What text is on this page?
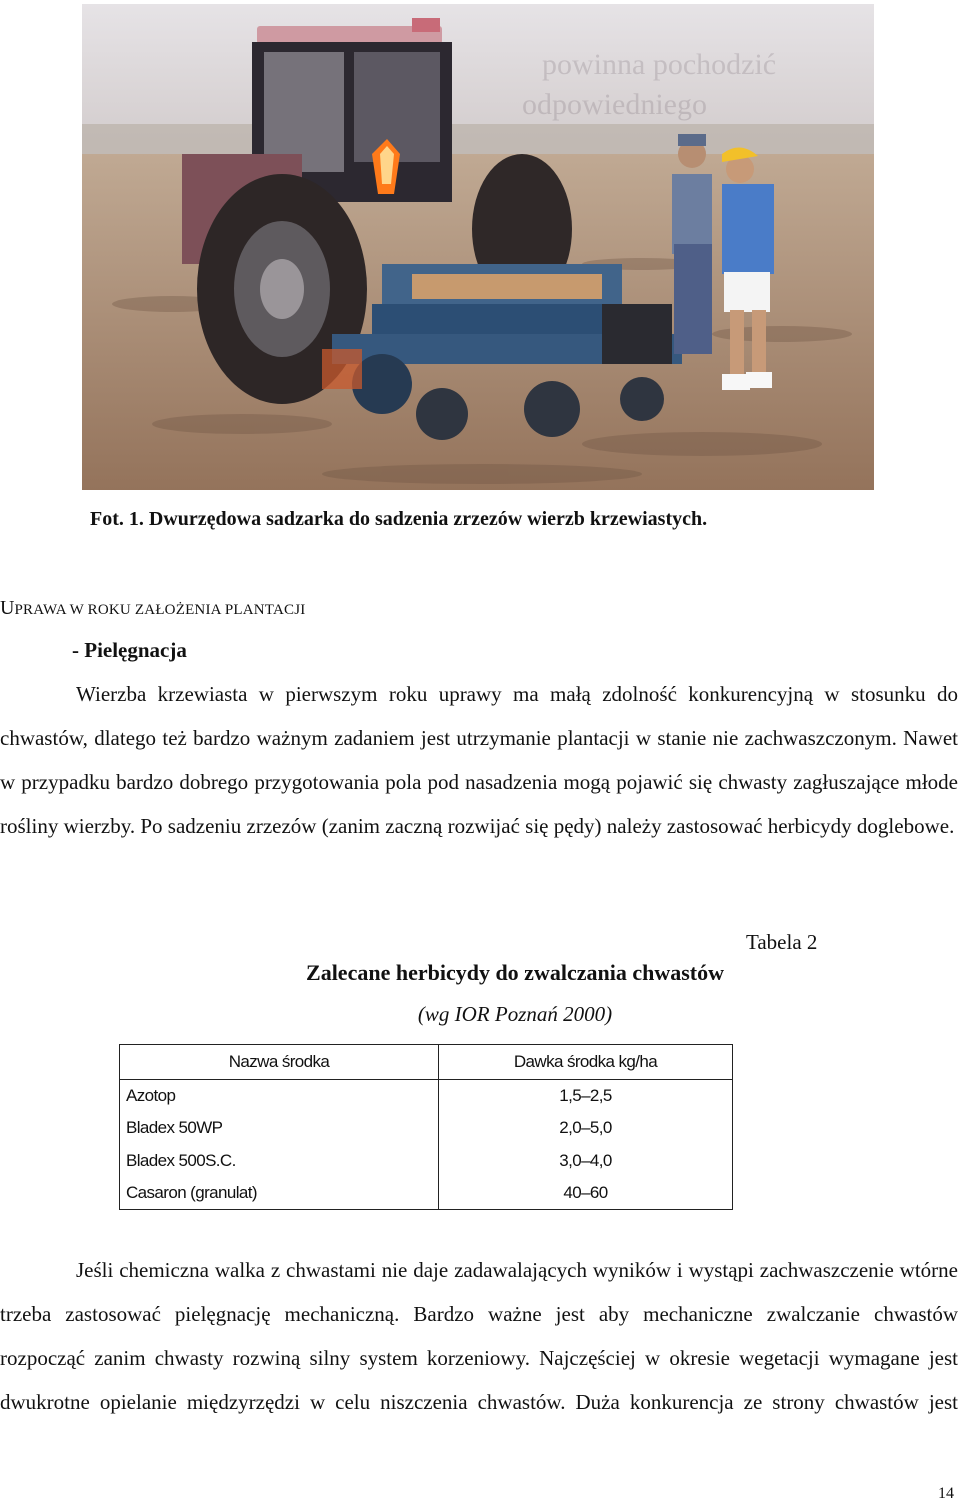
powinna pochodzić
odpowiedniego
Fot. 1. Dwurzędowa sadzarka do sadzenia zrzezów wierzb krzewiastych.
UPRAWA W ROKU ZAŁOŻENIA PLANTACJI
- Pielęgnacja

Wierzba krzewiasta w pierwszym roku uprawy ma małą zdolność konkurencyjną w stosunku do chwastów, dlatego też bardzo ważnym zadaniem jest utrzymanie plantacji w stanie nie zachwaszczonym. Nawet w przypadku bardzo dobrego przygotowania pola pod nasadzenia mogą pojawić się chwasty zagłuszające młode rośliny wierzby. Po sadzeniu zrzezów (zanim zaczną rozwijać się pędy) należy zastosować herbicydy doglebowe.

Tabela 2
Zalecane herbicydy do zwalczania chwastów
(wg IOR Poznań 2000)
Nazwa środka	Dawka środka kg/ha
Azotop	1,5–2,5
Bladex 50WP	2,0–5,0
Bladex 500S.C.	3,0–4,0
Casaron (granulat)	40–60

Jeśli chemiczna walka z chwastami nie daje zadawalających wyników i wystąpi zachwaszczenie wtórne trzeba zastosować pielęgnację mechaniczną. Bardzo ważne jest aby mechaniczne zwalczanie chwastów rozpocząć zanim chwasty rozwiną silny system korzeniowy. Najczęściej w okresie wegetacji wymagane jest dwukrotne opielanie międzyrzędzi w celu niszczenia chwastów. Duża konkurencja ze strony chwastów jest

14
